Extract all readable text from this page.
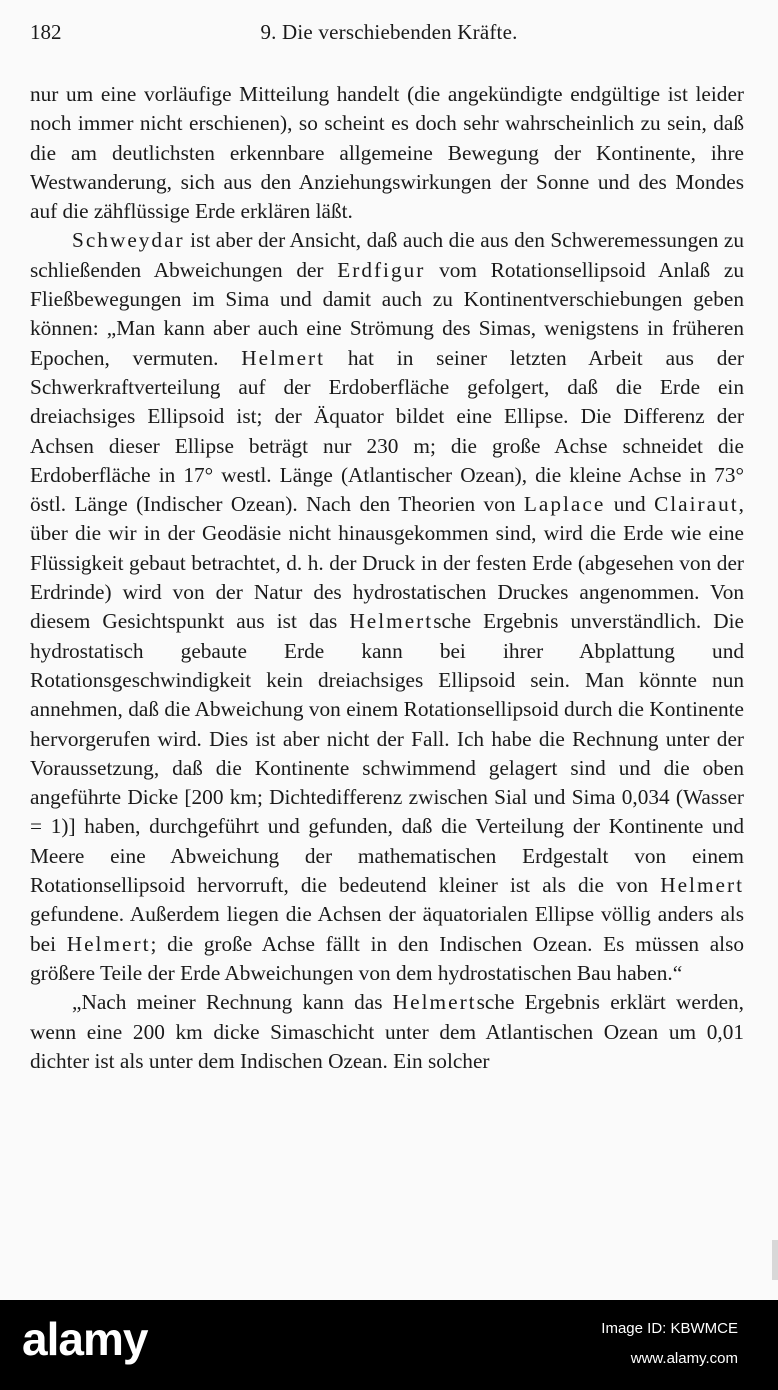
182	9. Die verschiebenden Kräfte.

nur um eine vorläufige Mitteilung handelt (die angekündigte endgültige ist leider noch immer nicht erschienen), so scheint es doch sehr wahrscheinlich zu sein, daß die am deutlichsten erkennbare allgemeine Bewegung der Kontinente, ihre Westwanderung, sich aus den Anziehungswirkungen der Sonne und des Mondes auf die zähflüssige Erde erklären läßt.

Schweydar ist aber der Ansicht, daß auch die aus den Schweremessungen zu schließenden Abweichungen der Erdfigur vom Rotationsellipsoid Anlaß zu Fließbewegungen im Sima und damit auch zu Kontinentverschiebungen geben können: „Man kann aber auch eine Strömung des Simas, wenigstens in früheren Epochen, vermuten. Helmert hat in seiner letzten Arbeit aus der Schwerkraftverteilung auf der Erdoberfläche gefolgert, daß die Erde ein dreiachsiges Ellipsoid ist; der Äquator bildet eine Ellipse. Die Differenz der Achsen dieser Ellipse beträgt nur 230 m; die große Achse schneidet die Erdoberfläche in 17° westl. Länge (Atlantischer Ozean), die kleine Achse in 73° östl. Länge (Indischer Ozean). Nach den Theorien von Laplace und Clairaut, über die wir in der Geodäsie nicht hinausgekommen sind, wird die Erde wie eine Flüssigkeit gebaut betrachtet, d. h. der Druck in der festen Erde (abgesehen von der Erdrinde) wird von der Natur des hydrostatischen Druckes angenommen. Von diesem Gesichtspunkt aus ist das Helmertsche Ergebnis unverständlich. Die hydrostatisch gebaute Erde kann bei ihrer Abplattung und Rotationsgeschwindigkeit kein dreiachsiges Ellipsoid sein. Man könnte nun annehmen, daß die Abweichung von einem Rotationsellipsoid durch die Kontinente hervorgerufen wird. Dies ist aber nicht der Fall. Ich habe die Rechnung unter der Voraussetzung, daß die Kontinente schwimmend gelagert sind und die oben angeführte Dicke [200 km; Dichtedifferenz zwischen Sial und Sima 0,034 (Wasser = 1)] haben, durchgeführt und gefunden, daß die Verteilung der Kontinente und Meere eine Abweichung der mathematischen Erdgestalt von einem Rotationsellipsoid hervorruft, die bedeutend kleiner ist als die von Helmert gefundene. Außerdem liegen die Achsen der äquatorialen Ellipse völlig anders als bei Helmert; die große Achse fällt in den Indischen Ozean. Es müssen also größere Teile der Erde Abweichungen von dem hydrostatischen Bau haben.“

„Nach meiner Rechnung kann das Helmertsche Ergebnis erklärt werden, wenn eine 200 km dicke Simaschicht unter dem Atlantischen Ozean um 0,01 dichter ist als unter dem Indischen Ozean. Ein solcher

alamy	Image ID: KBWMCE
www.alamy.com
